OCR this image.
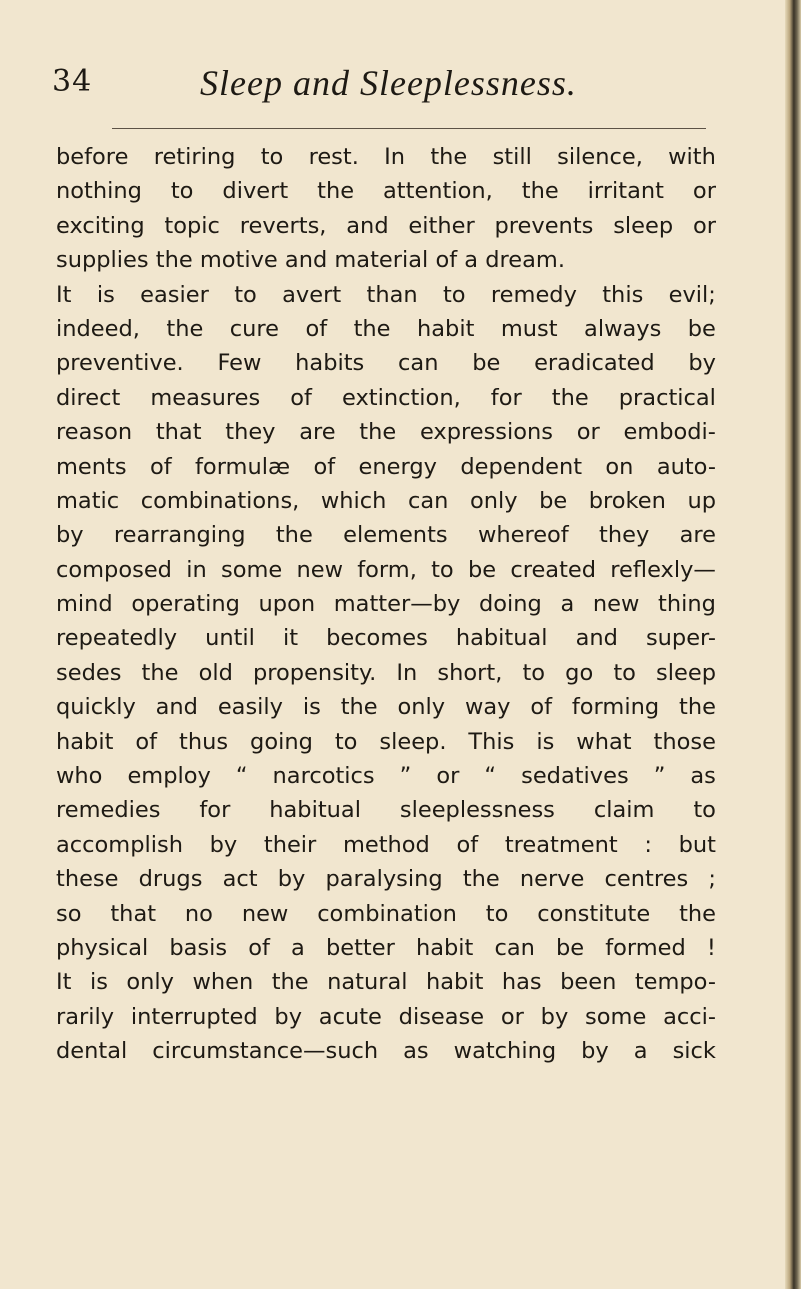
34	Sleep and Sleeplessness.
before retiring to rest. In the still silence, with
nothing to divert the attention, the irritant or
exciting topic reverts, and either prevents sleep or
supplies the motive and material of a dream.
It is easier to avert than to remedy this evil;
indeed, the cure of the habit must always be
preventive. Few habits can be eradicated by
direct measures of extinction, for the practical
reason that they are the expressions or embodi-
ments of formulæ of energy dependent on auto-
matic combinations, which can only be broken up
by rearranging the elements whereof they are
composed in some new form, to be created reflexly—
mind operating upon matter—by doing a new thing
repeatedly until it becomes habitual and super-
sedes the old propensity. In short, to go to sleep
quickly and easily is the only way of forming the
habit of thus going to sleep. This is what those
who employ “ narcotics ” or “ sedatives ” as
remedies for habitual sleeplessness claim to
accomplish by their method of treatment : but
these drugs act by paralysing the nerve centres ;
so that no new combination to constitute the
physical basis of a better habit can be formed !
It is only when the natural habit has been tempo-
rarily interrupted by acute disease or by some acci-
dental circumstance—such as watching by a sick
